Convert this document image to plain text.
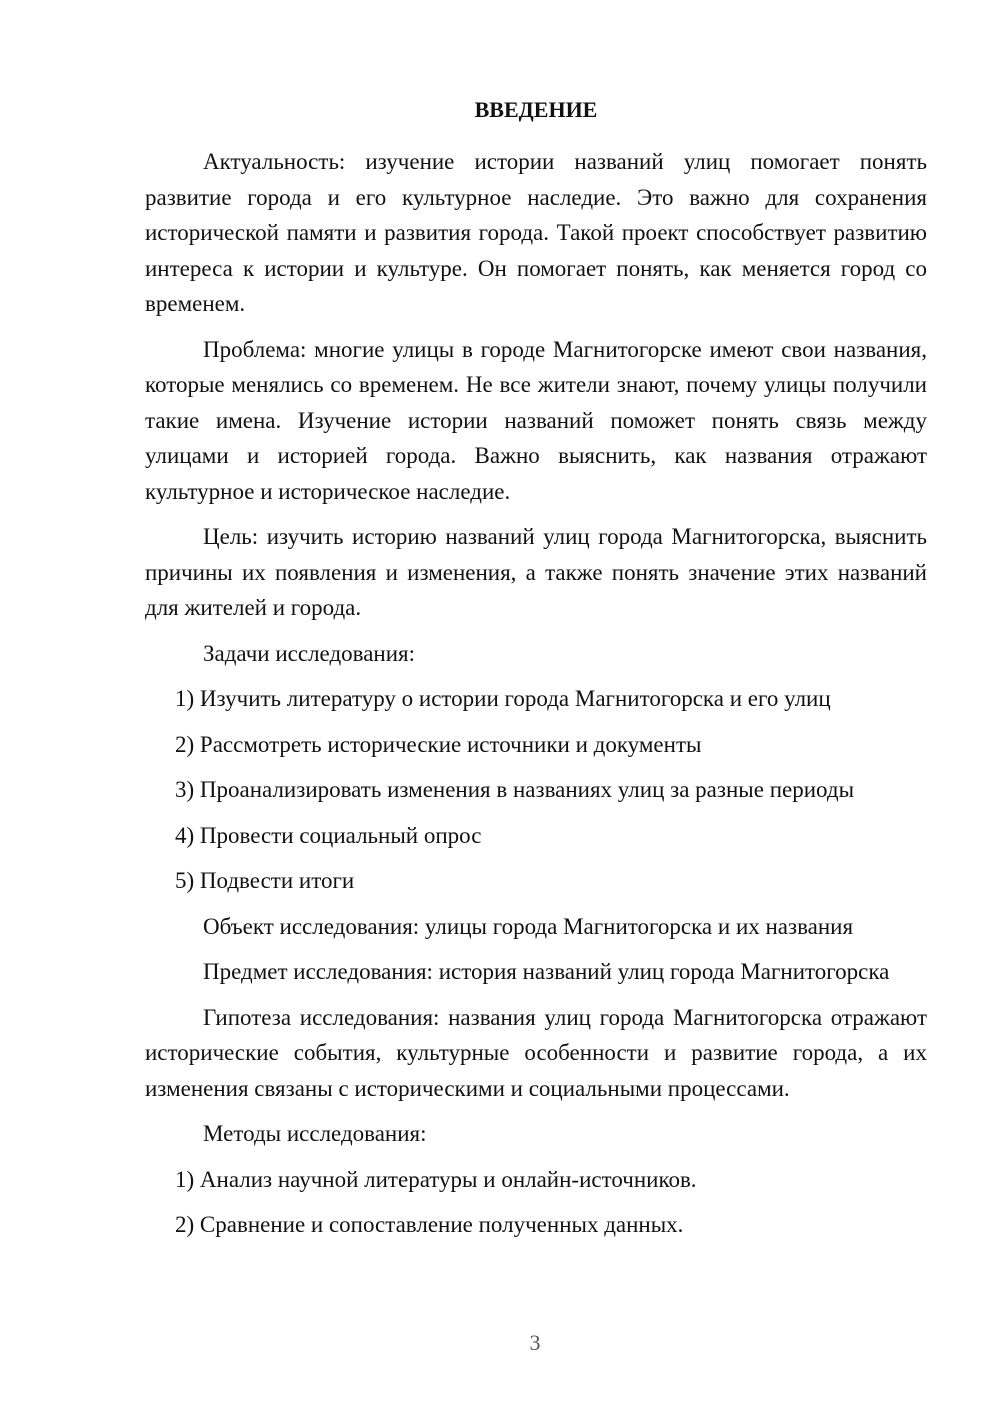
ВВЕДЕНИЕ

Актуальность: изучение истории названий улиц помогает понять развитие города и его культурное наследие. Это важно для сохранения исторической памяти и развития города. Такой проект способствует развитию интереса к истории и культуре. Он помогает понять, как меняется город со временем.

Проблема: многие улицы в городе Магнитогорске имеют свои названия, которые менялись со временем. Не все жители знают, почему улицы получили такие имена. Изучение истории названий поможет понять связь между улицами и историей города. Важно выяснить, как названия отражают культурное и историческое наследие.

Цель: изучить историю названий улиц города Магнитогорска, выяснить причины их появления и изменения, а также понять значение этих названий для жителей и города.

Задачи исследования:

1) Изучить литературу о истории города Магнитогорска и его улиц

2) Рассмотреть исторические источники и документы

3) Проанализировать изменения в названиях улиц за разные периоды

4) Провести социальный опрос

5) Подвести итоги

Объект исследования: улицы города Магнитогорска и их названия

Предмет исследования: история названий улиц города Магнитогорска

Гипотеза исследования: названия улиц города Магнитогорска отражают исторические события, культурные особенности и развитие города, а их изменения связаны с историческими и социальными процессами.

Методы исследования:

1) Анализ научной литературы и онлайн-источников.

2) Сравнение и сопоставление полученных данных.

3
